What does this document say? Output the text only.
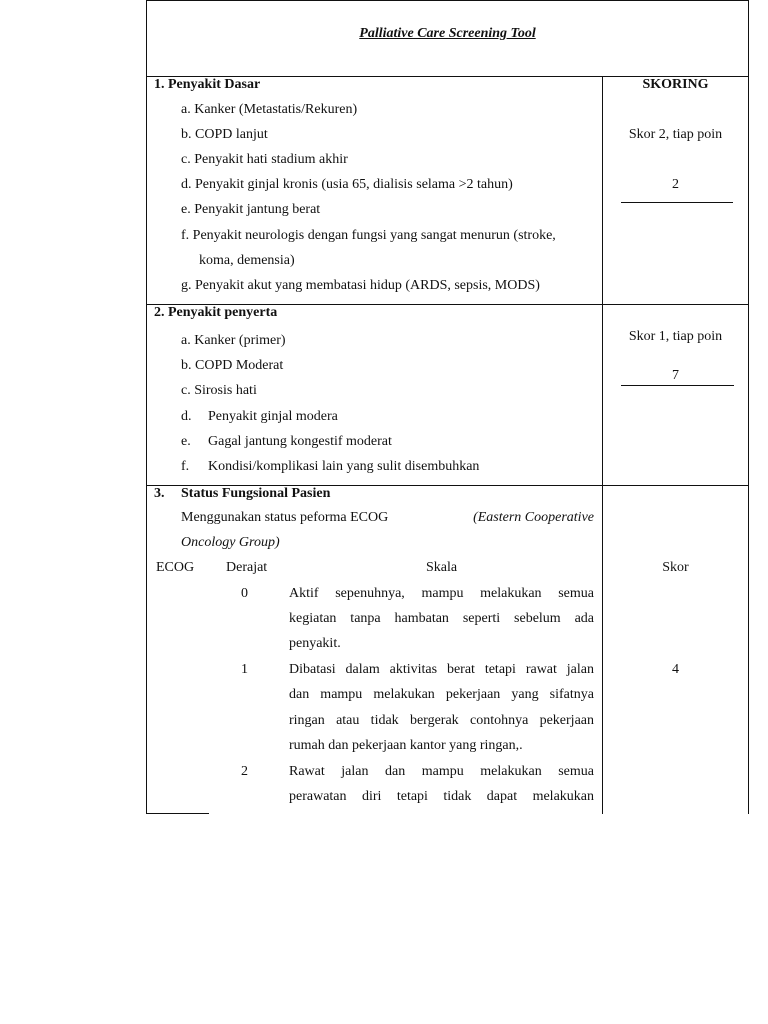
Palliative Care Screening Tool
1. Penyakit Dasar
a. Kanker (Metastatis/Rekuren)
b. COPD lanjut
c. Penyakit hati stadium akhir
d. Penyakit ginjal kronis (usia 65, dialisis selama >2 tahun)
e. Penyakit jantung berat
f. Penyakit neurologis dengan fungsi yang sangat menurun (stroke,
koma, demensia)
g. Penyakit akut yang membatasi hidup (ARDS, sepsis, MODS)
SKORING
Skor 2, tiap poin
2
2. Penyakit penyerta
a. Kanker (primer)
b. COPD Moderat
c. Sirosis hati
d. Penyakit ginjal modera
e. Gagal jantung kongestif moderat
f. Kondisi/komplikasi lain yang sulit disembuhkan
Skor 1, tiap poin
7
3. Status Fungsional Pasien
Menggunakan status peforma ECOG	(Eastern Cooperative
Oncology Group)
ECOG Derajat	Skala	Skor
0	Aktif sepenuhnya, mampu melakukan semua
kegiatan tanpa hambatan seperti sebelum ada
penyakit.
1	Dibatasi dalam aktivitas berat tetapi rawat jalan
dan mampu melakukan pekerjaan yang sifatnya
ringan atau tidak bergerak contohnya pekerjaan
rumah dan pekerjaan kantor yang ringan,.
4
2	Rawat jalan dan mampu melakukan semua
perawatan diri tetapi tidak dapat melakukan
